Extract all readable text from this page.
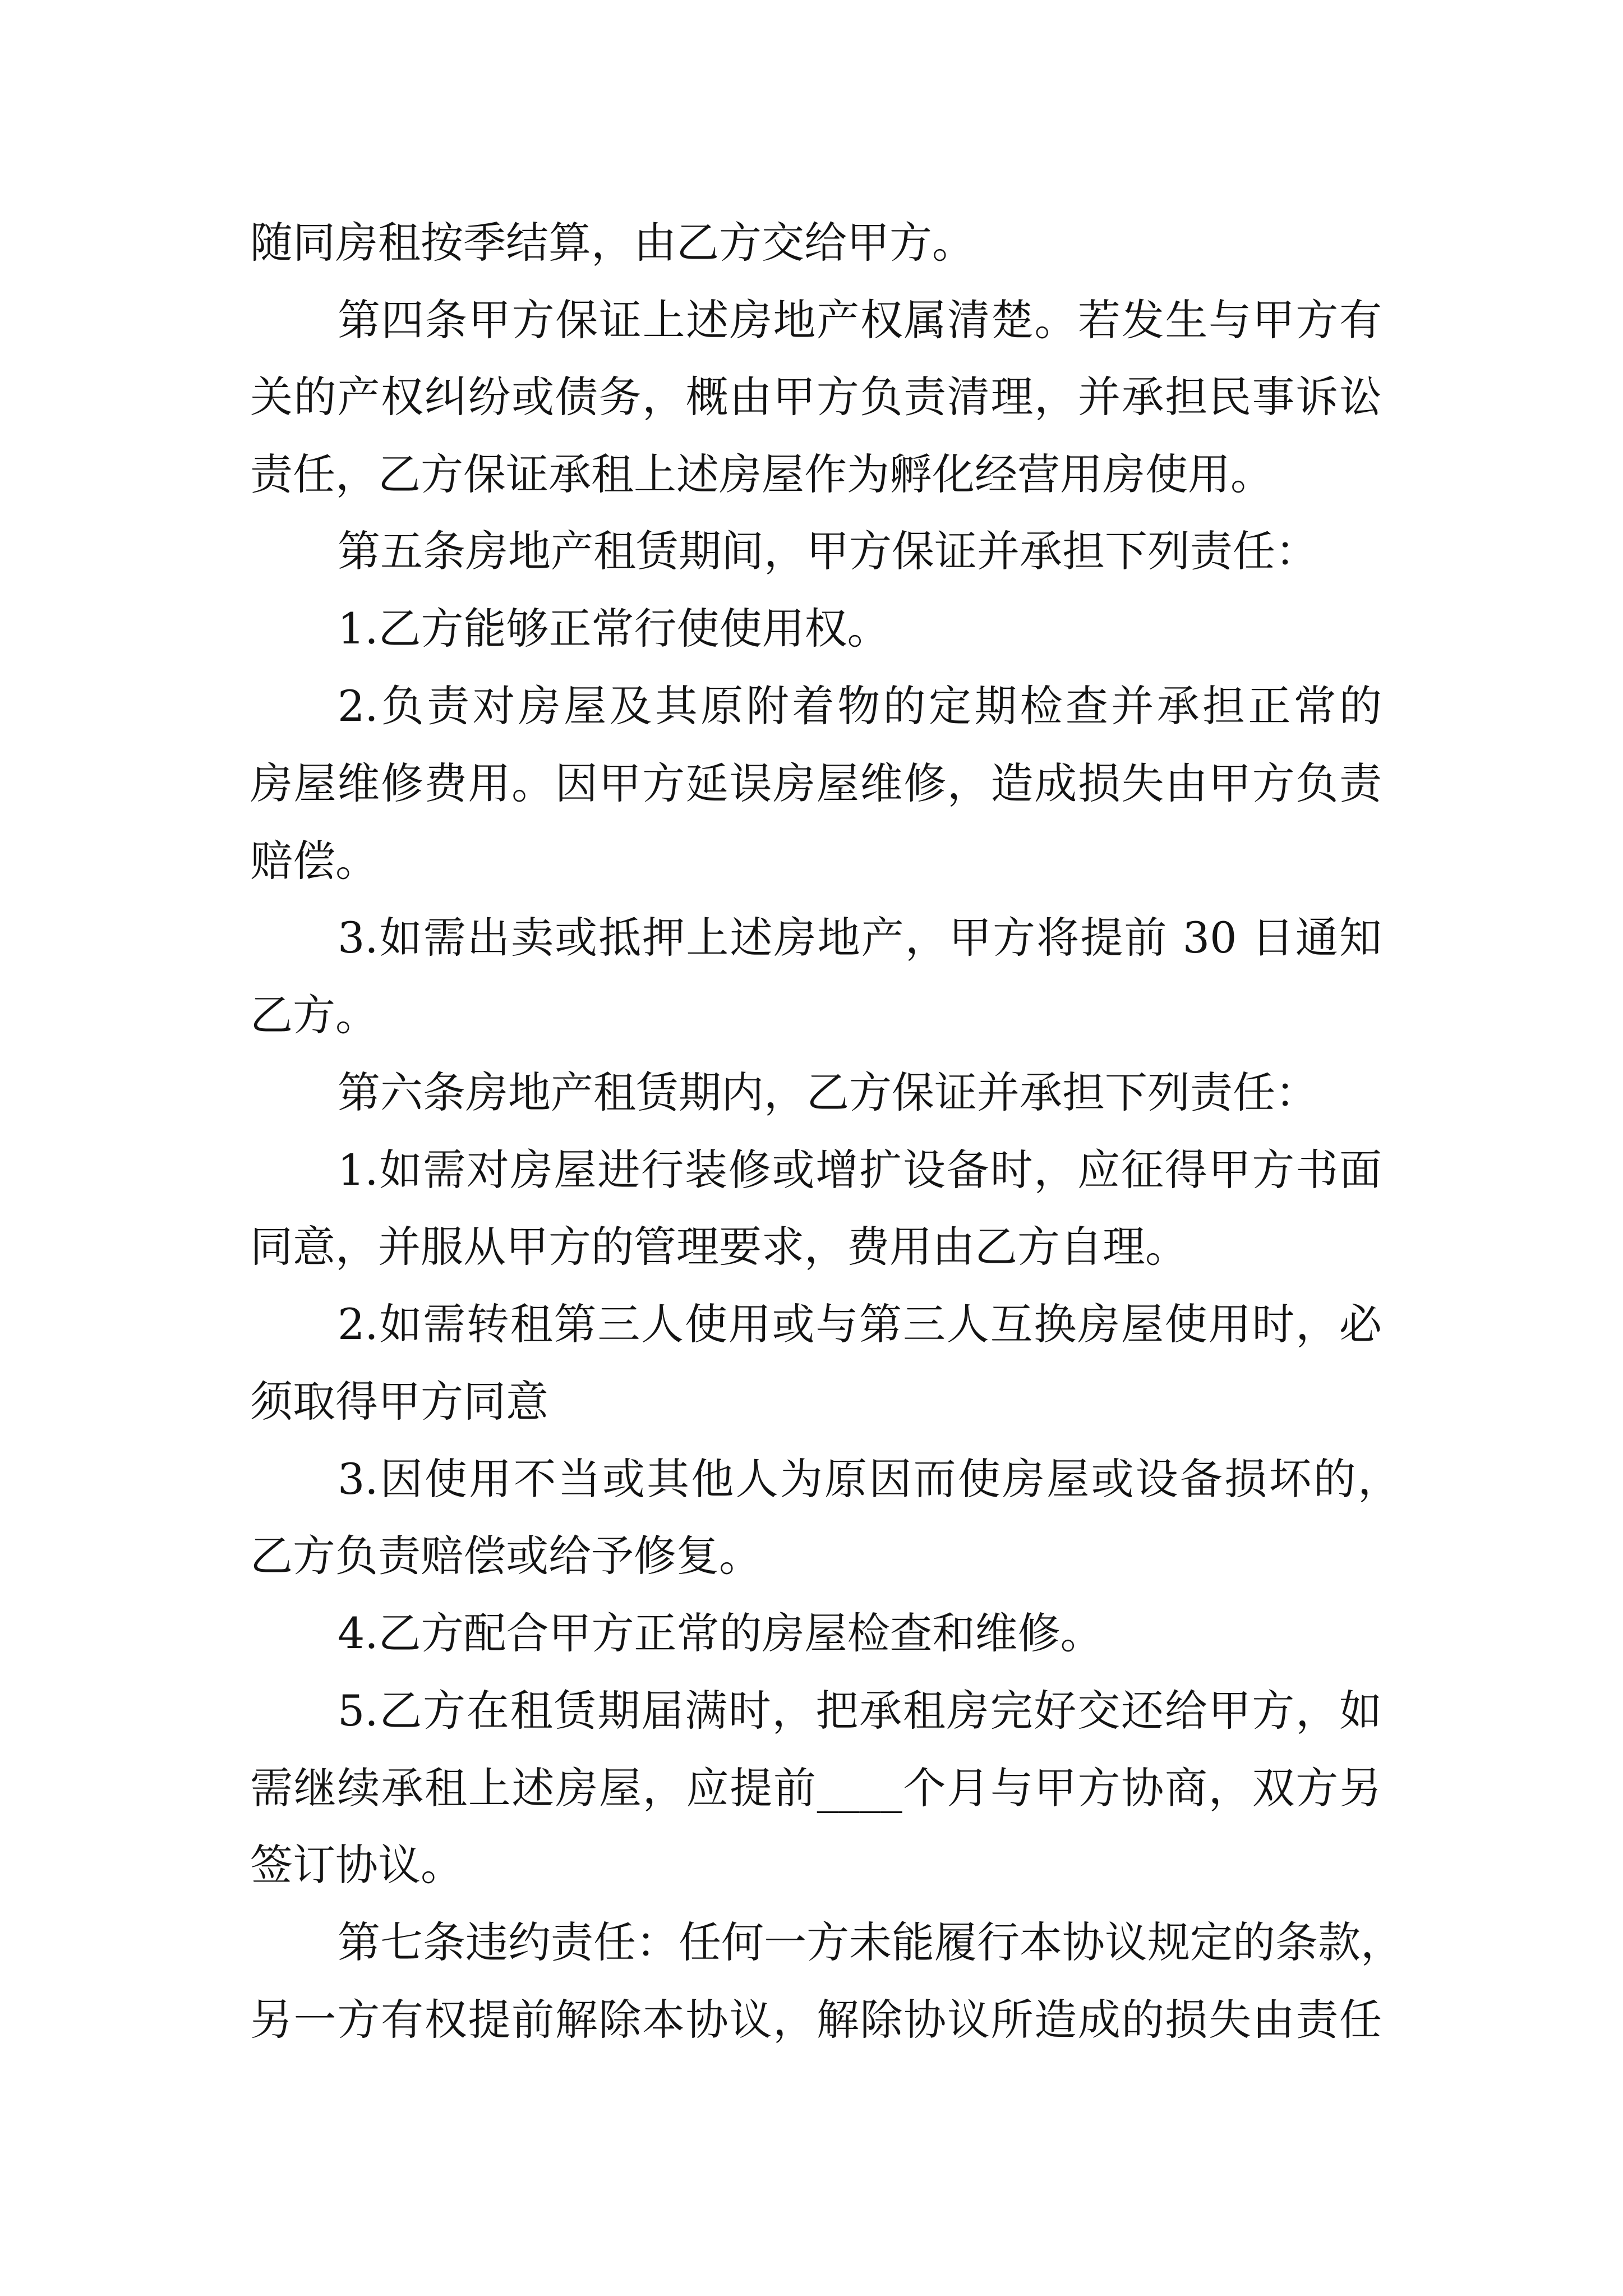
随同房租按季结算，由乙方交给甲方。

第四条甲方保证上述房地产权属清楚。若发生与甲方有

关的产权纠纷或债务，概由甲方负责清理，并承担民事诉讼

责任，乙方保证承租上述房屋作为孵化经营用房使用。

第五条房地产租赁期间，甲方保证并承担下列责任：

1.乙方能够正常行使使用权。

2.负责对房屋及其原附着物的定期检查并承担正常的

房屋维修费用。因甲方延误房屋维修，造成损失由甲方负责

赔偿。

3.如需出卖或抵押上述房地产，甲方将提前 30 日通知

乙方。

第六条房地产租赁期内，乙方保证并承担下列责任：

1.如需对房屋进行装修或增扩设备时，应征得甲方书面

同意，并服从甲方的管理要求，费用由乙方自理。

2.如需转租第三人使用或与第三人互换房屋使用时，必

须取得甲方同意

3.因使用不当或其他人为原因而使房屋或设备损坏的，

乙方负责赔偿或给予修复。

4.乙方配合甲方正常的房屋检查和维修。

5.乙方在租赁期届满时，把承租房完好交还给甲方，如

需继续承租上述房屋，应提前____个月与甲方协商，双方另

签订协议。

第七条违约责任：任何一方未能履行本协议规定的条款，

另一方有权提前解除本协议，解除协议所造成的损失由责任
